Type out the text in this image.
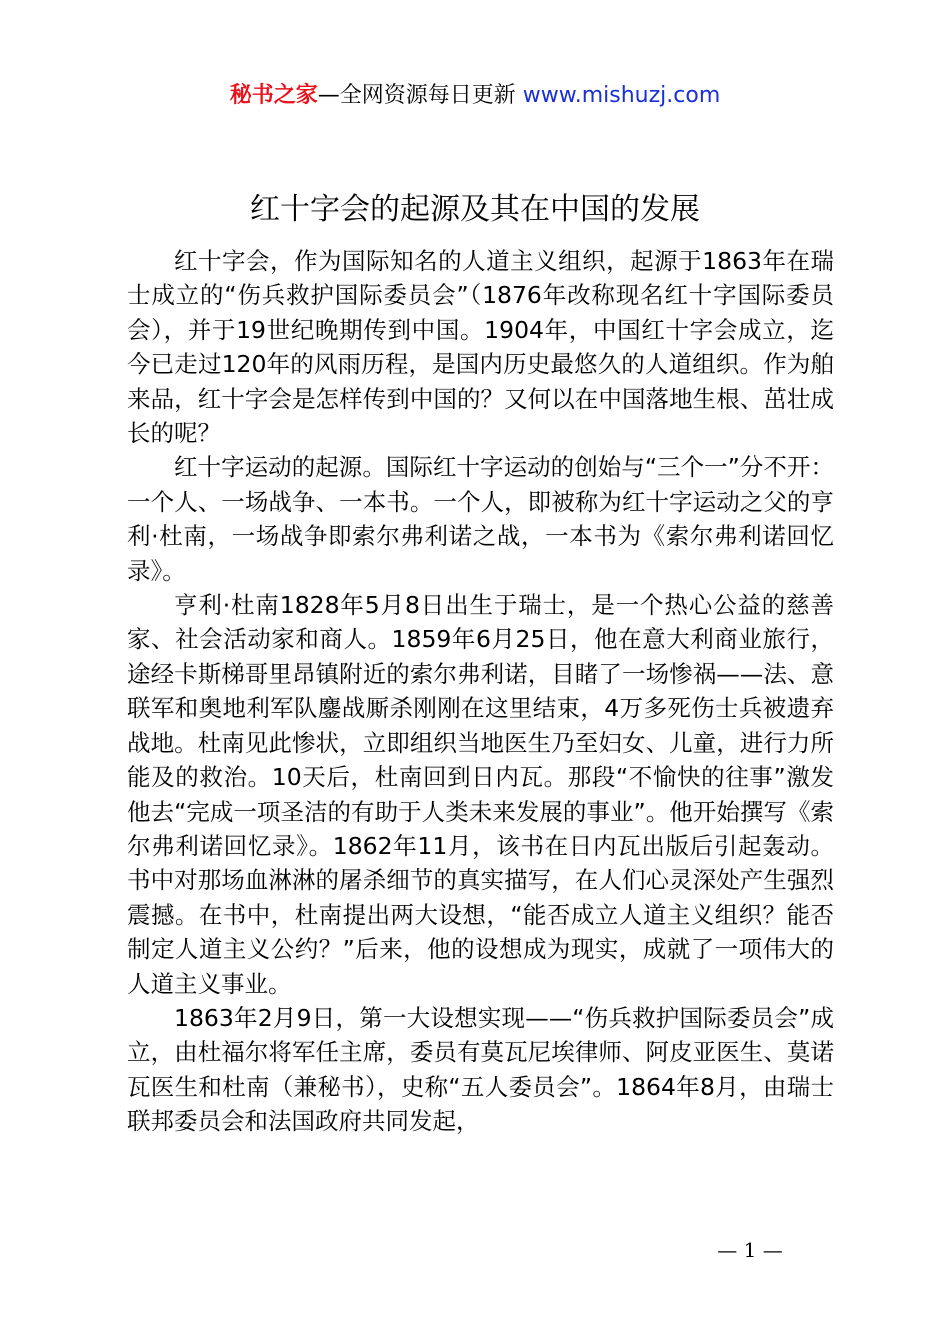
秘书之家—全网资源每日更新 www.mishuzj.com
红十字会的起源及其在中国的发展

红十字会，作为国际知名的人道主义组织，起源于1863年在瑞士成立的“伤兵救护国际委员会”（1876年改称现名红十字国际委员会），并于19世纪晚期传到中国。1904年，中国红十字会成立，迄今已走过120年的风雨历程，是国内历史最悠久的人道组织。作为舶来品，红十字会是怎样传到中国的？又何以在中国落地生根、茁壮成长的呢？

红十字运动的起源。国际红十字运动的创始与“三个一”分不开：一个人、一场战争、一本书。一个人，即被称为红十字运动之父的亨利·杜南，一场战争即索尔弗利诺之战，一本书为《索尔弗利诺回忆录》。

亨利·杜南1828年5月8日出生于瑞士，是一个热心公益的慈善家、社会活动家和商人。1859年6月25日，他在意大利商业旅行，途经卡斯梯哥里昂镇附近的索尔弗利诺，目睹了一场惨祸——法、意联军和奥地利军队鏖战厮杀刚刚在这里结束，4万多死伤士兵被遗弃战地。杜南见此惨状，立即组织当地医生乃至妇女、儿童，进行力所能及的救治。10天后，杜南回到日内瓦。那段“不愉快的往事”激发他去“完成一项圣洁的有助于人类未来发展的事业”。他开始撰写《索尔弗利诺回忆录》。1862年11月，该书在日内瓦出版后引起轰动。书中对那场血淋淋的屠杀细节的真实描写，在人们心灵深处产生强烈震撼。在书中，杜南提出两大设想，“能否成立人道主义组织？能否制定人道主义公约？”后来，他的设想成为现实，成就了一项伟大的人道主义事业。

1863年2月9日，第一大设想实现——“伤兵救护国际委员会”成立，由杜福尔将军任主席，委员有莫瓦尼埃律师、阿皮亚医生、莫诺瓦医生和杜南（兼秘书），史称“五人委员会”。1864年8月，由瑞士联邦委员会和法国政府共同发起，

— 1 —
